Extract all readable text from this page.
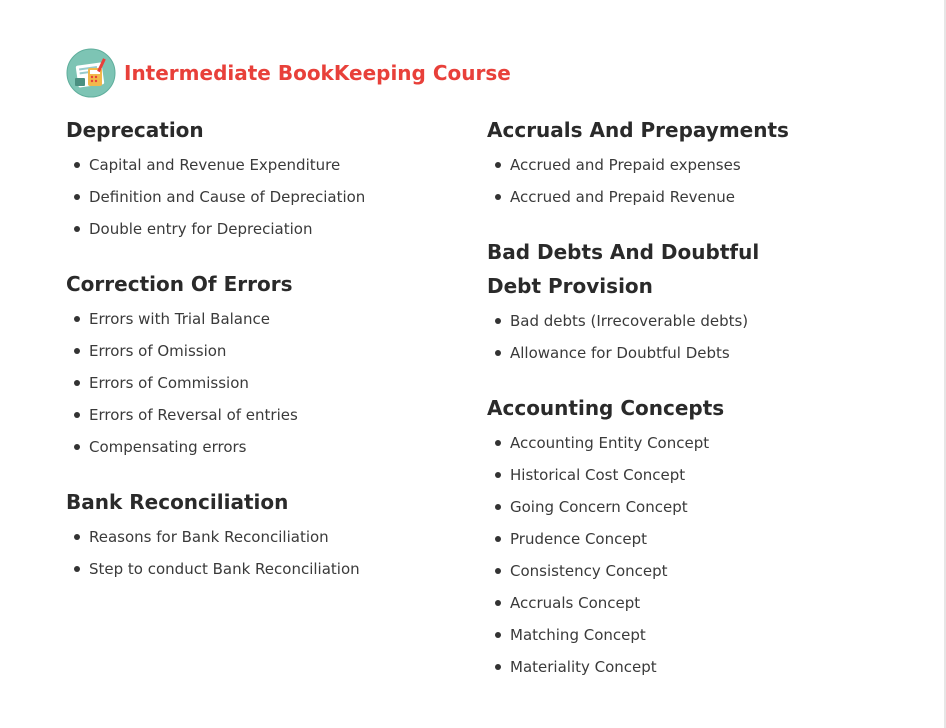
Intermediate BookKeeping Course
Deprecation
Capital and Revenue Expenditure
Definition and Cause of Depreciation
Double entry for Depreciation
Correction Of Errors
Errors with Trial Balance
Errors of Omission
Errors of Commission
Errors of Reversal of entries
Compensating errors
Bank Reconciliation
Reasons for Bank Reconciliation
Step to conduct Bank Reconciliation
Accruals And Prepayments
Accrued and Prepaid expenses
Accrued and Prepaid Revenue
Bad Debts And Doubtful Debt Provision
Bad debts (Irrecoverable debts)
Allowance for Doubtful Debts
Accounting Concepts
Accounting Entity Concept
Historical Cost Concept
Going Concern Concept
Prudence Concept
Consistency Concept
Accruals Concept
Matching Concept
Materiality Concept
